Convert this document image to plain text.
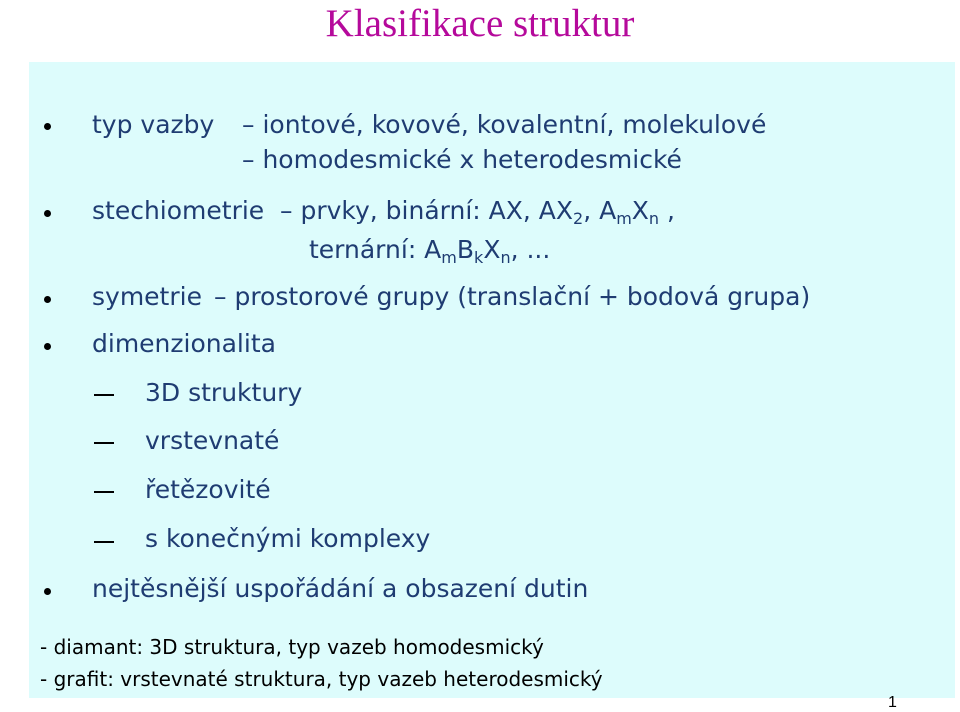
Klasifikace struktur
typ vazby – iontové, kovové, kovalentní, molekulové
– homodesmické x heterodesmické
stechiometrie – prvky, binární: AX, $AX_2$, $A_mX_n$ ,
ternární: $A_mB_kX_n$, ...
symetrie – prostorové grupy (translační + bodová grupa)
dimenzionalita
3D struktury
vrstevnaté
řetězovité
s konečnými komplexy
nejtěsnější uspořádání a obsazení dutin
- diamant: 3D struktura, typ vazeb homodesmický
- grafit: vrstevnaté struktura, typ vazeb heterodesmický
1
